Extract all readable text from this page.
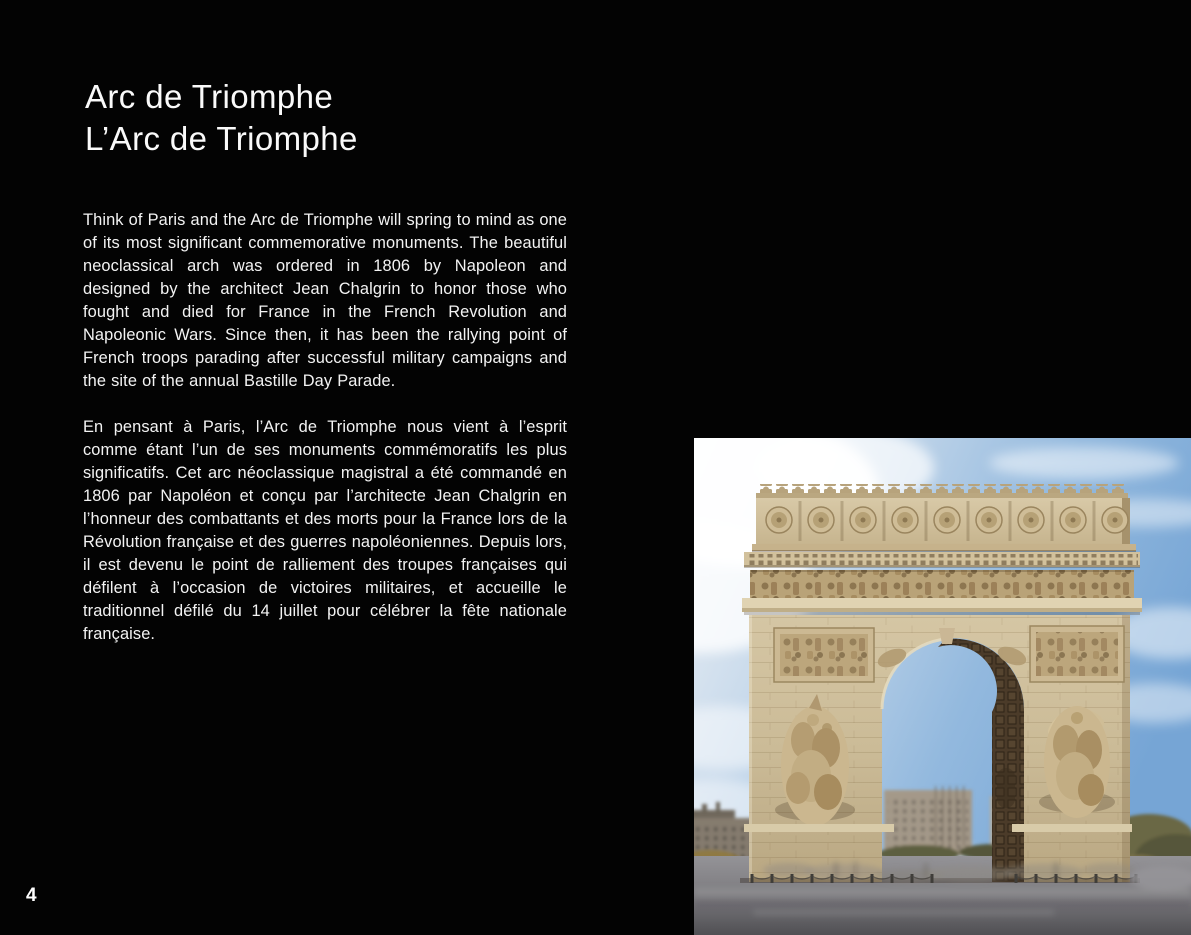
Arc de Triomphe
L’Arc de Triomphe

Think of Paris and the Arc de Triomphe will spring to mind as one of its most significant commemorative monuments. The beautiful neoclassical arch was ordered in 1806 by Napoleon and designed by the architect Jean Chalgrin to honor those who fought and died for France in the French Revolution and Napoleonic Wars. Since then, it has been the rallying point of French troops parading after successful military campaigns and the site of the annual Bastille Day Parade.

En pensant à Paris, l’Arc de Triomphe nous vient à l’esprit comme étant l’un de ses monuments commémoratifs les plus significatifs. Cet arc néoclassique magistral a été commandé en 1806 par Napoléon et conçu par l’architecte Jean Chalgrin en l’honneur des combattants et des morts pour la France lors de la Révolution française et des guerres napoléoniennes. Depuis lors, il est devenu le point de ralliement des troupes françaises qui défilent à l’occasion de victoires militaires, et accueille le traditionnel défilé du 14 juillet pour célébrer la fête nationale française.

4
